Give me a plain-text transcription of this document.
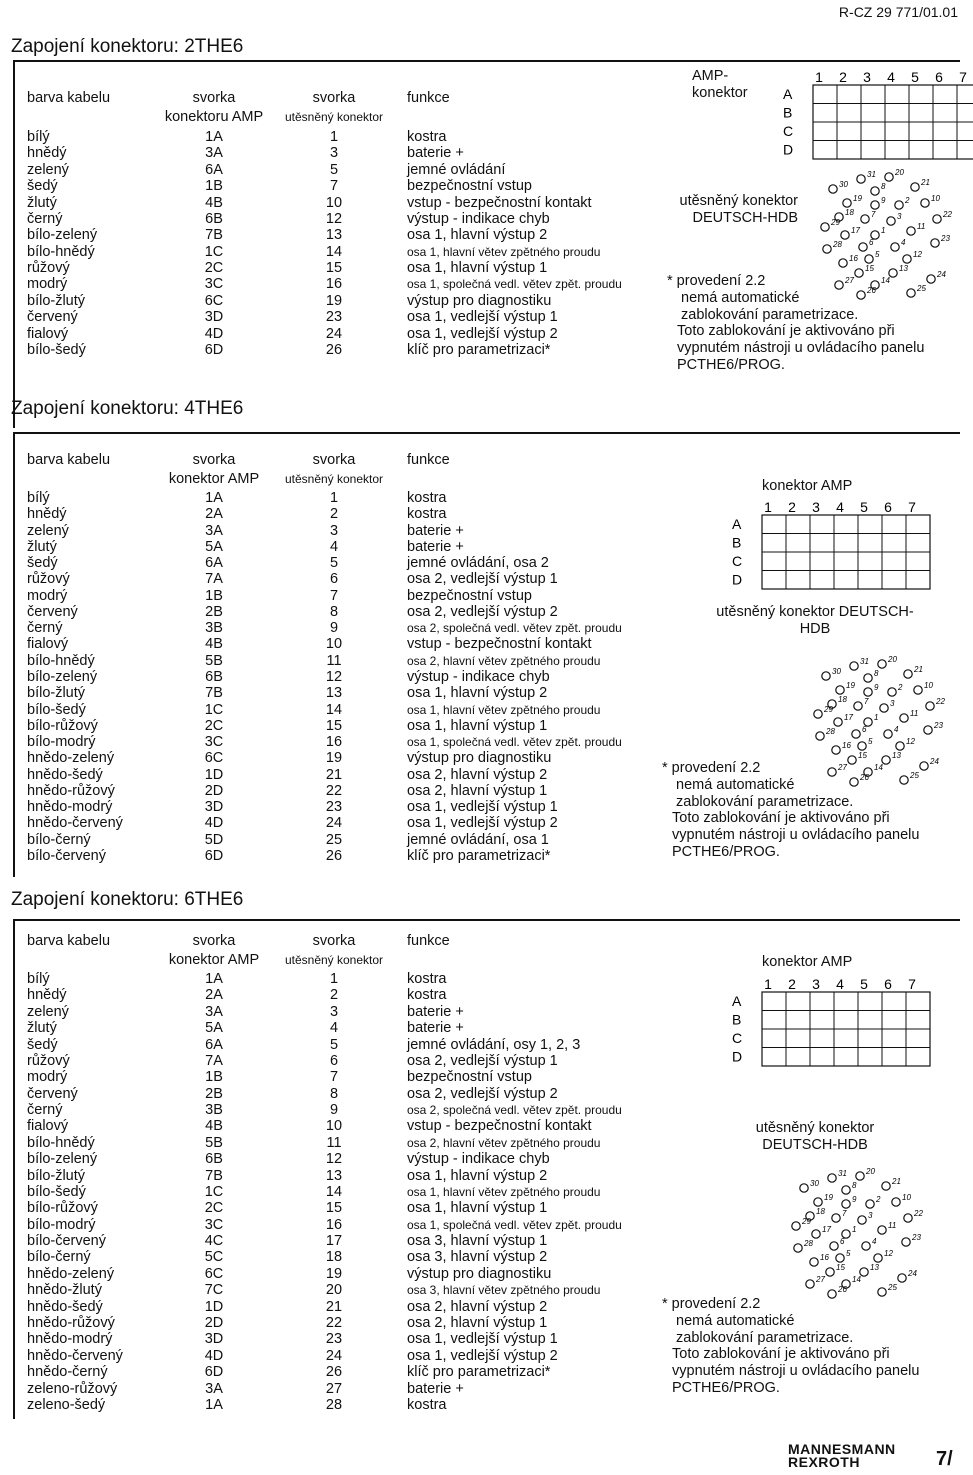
R-CZ 29 771/01.01
Zapojení konektoru: 2THE6
barva kabelu	svorka	svorka	funkce
konektoru AMP	utěsněný konektor
bílý	1A	1	kostra
hnědý	3A	3	baterie +
zelený	6A	5	jemné ovládání
šedý	1B	7	bezpečnostní vstup
žlutý	4B	10	vstup - bezpečnostní kontakt
černý	6B	12	výstup - indikace chyb
bílo-zelený	7B	13	osa 1, hlavní výstup 2
bílo-hnědý	1C	14	osa 1, hlavní větev zpětného proudu
růžový	2C	15	osa 1, hlavní výstup 1
modrý	3C	16	osa 1, společná vedl. větev zpět. proudu
bílo-žlutý	6C	19	výstup pro diagnostiku
červený	3D	23	osa 1, vedlejší výstup 1
fialový	4D	24	osa 1, vedlejší výstup 2
bílo-šedý	6D	26	klíč pro parametrizaci*
AMP-
konektor
1 2 3 4 5 6 7
A
B
C
D
utěsněný konektor
DEUTSCH-HDB
30
31 20
8	21
19 9
18
2	10
29
7	3	22
17	1	11
28	6	4	23
16 5	12
15	13
27	14
24
26	25
* provedení 2.2
nemá automatické
zablokování parametrizace.
Toto zablokování je aktivováno při
vypnutém nástroji u ovládacího panelu
PCTHE6/PROG.
Zapojení konektoru: 4THE6
barva kabelu	svorka	svorka	funkce
konektor AMP	utěsněný konektor
bílý	1A	1	kostra
hnědý	2A	2	kostra
zelený	3A	3	baterie +
žlutý	5A	4	baterie +
šedý	6A	5	jemné ovládání, osa 2
růžový	7A	6	osa 2, vedlejší výstup 1
modrý	1B	7	bezpečnostní vstup
červený	2B	8	osa 2, vedlejší výstup 2
černý	3B	9	osa 2, společná vedl. větev zpět. proudu
fialový	4B	10	vstup - bezpečnostní kontakt
bílo-hnědý	5B	11	osa 2, hlavní větev zpětného proudu
bílo-zelený	6B	12	výstup - indikace chyb
bílo-žlutý	7B	13	osa 1, hlavní výstup 2
bílo-šedý	1C	14	osa 1, hlavní větev zpětného proudu
bílo-růžový	2C	15	osa 1, hlavní výstup 1
bílo-modrý	3C	16	osa 1, společná vedl. větev zpět. proudu
hnědo-zelený	6C	19	výstup pro diagnostiku
hnědo-šedý	1D	21	osa 2, hlavní výstup 2
hnědo-růžový	2D	22	osa 2, hlavní výstup 1
hnědo-modrý	3D	23	osa 1, vedlejší výstup 1
hnědo-červený	4D	24	osa 1, vedlejší výstup 2
bílo-černý	5D	25	jemné ovládání, osa 1
bílo-červený	6D	26	klíč pro parametrizaci*
konektor AMP
1 2 3 4 5 6 7
A
B
C
D
utěsněný konektor DEUTSCH-
HDB
30
31 20
8	21
19 9
18
2	10
29
7	3	22
17	1	11
28	6	4	23
16 5	12
15	13
27	14
24
26	25
* provedení 2.2
nemá automatické
zablokování parametrizace.
Toto zablokování je aktivováno při
vypnutém nástroji u ovládacího panelu
PCTHE6/PROG.
Zapojení konektoru: 6THE6
barva kabelu	svorka	svorka	funkce
konektor AMP	utěsněný konektor
bílý	1A	1	kostra
hnědý	2A	2	kostra
zelený	3A	3	baterie +
žlutý	5A	4	baterie +
šedý	6A	5	jemné ovládání, osy 1, 2, 3
růžový	7A	6	osa 2, vedlejší výstup 1
modrý	1B	7	bezpečnostní vstup
červený	2B	8	osa 2, vedlejší výstup 2
černý	3B	9	osa 2, společná vedl. větev zpět. proudu
fialový	4B	10	vstup - bezpečnostní kontakt
bílo-hnědý	5B	11	osa 2, hlavní větev zpětného proudu
bílo-zelený	6B	12	výstup - indikace chyb
bílo-žlutý	7B	13	osa 1, hlavní výstup 2
bílo-šedý	1C	14	osa 1, hlavní větev zpětného proudu
bílo-růžový	2C	15	osa 1, hlavní výstup 1
bílo-modrý	3C	16	osa 1, společná vedl. větev zpět. proudu
bílo-červený	4C	17	osa 3, hlavní výstup 1
bílo-černý	5C	18	osa 3, hlavní výstup 2
hnědo-zelený	6C	19	výstup pro diagnostiku
hnědo-žlutý	7C	20	osa 3, hlavní větev zpětného proudu
hnědo-šedý	1D	21	osa 2, hlavní výstup 2
hnědo-růžový	2D	22	osa 2, hlavní výstup 1
hnědo-modrý	3D	23	osa 1, vedlejší výstup 1
hnědo-červený	4D	24	osa 1, vedlejší výstup 2
hnědo-černý	6D	26	klíč pro parametrizaci*
zeleno-růžový	3A	27	baterie +
zeleno-šedý	1A	28	kostra
konektor AMP
1 2 3 4 5 6 7
A
B
C
D
utěsněný konektor
DEUTSCH-HDB
30
31 20
8	21
19 9
18
2	10
29
7	3	22
17	1	11
28	6	4	23
16 5	12
15	13
27	14
24
26	25
* provedení 2.2
nemá automatické
zablokování parametrizace.
Toto zablokování je aktivováno při
vypnutém nástroji u ovládacího panelu
PCTHE6/PROG.
MANNESMANN
REXROTH	7/
